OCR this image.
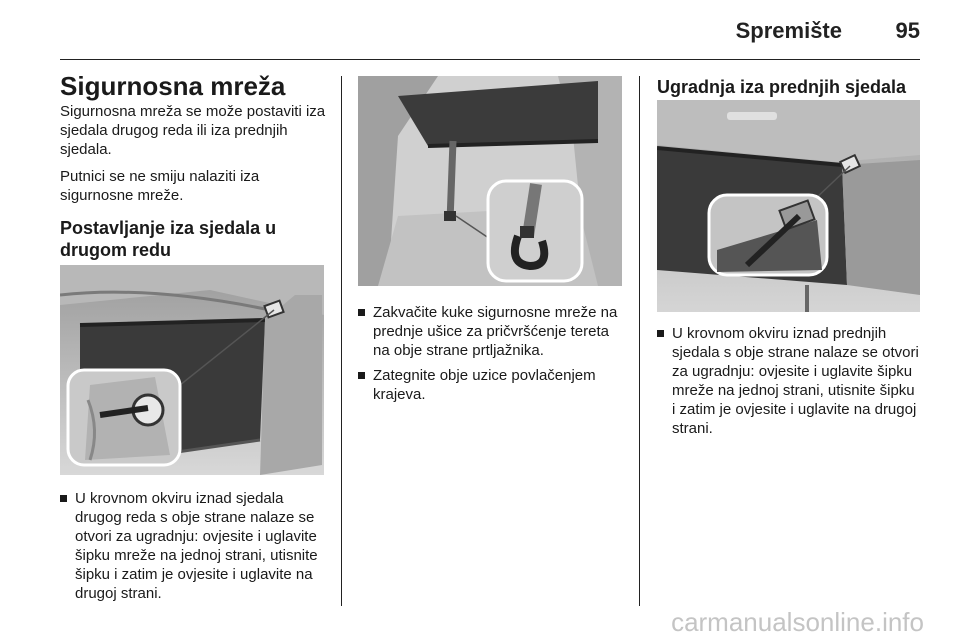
Spremište 95
Sigurnosna mreža

Sigurnosna mreža se može postaviti iza sjedala drugog reda ili iza prednjih sjedala.

Putnici se ne smiju nalaziti iza sigurnosne mreže.

Postavljanje iza sjedala u drugom redu
U krovnom okviru iznad sjedala drugog reda s obje strane nalaze se otvori za ugradnju: ovjesite i uglavite šipku mreže na jednoj strani, utisnite šipku i zatim je ovjesite i uglavite na drugoj strani.
Zakvačite kuke sigurnosne mreže na prednje ušice za pričvršćenje tereta na obje strane prtljažnika.
Zategnite obje uzice povlačenjem krajeva.
Ugradnja iza prednjih sjedala
U krovnom okviru iznad prednjih sjedala s obje strane nalaze se otvori za ugradnju: ovjesite i uglavite šipku mreže na jednoj strani, utisnite šipku i zatim je ovjesite i uglavite na drugoj strani.
carmanualsonline.info
